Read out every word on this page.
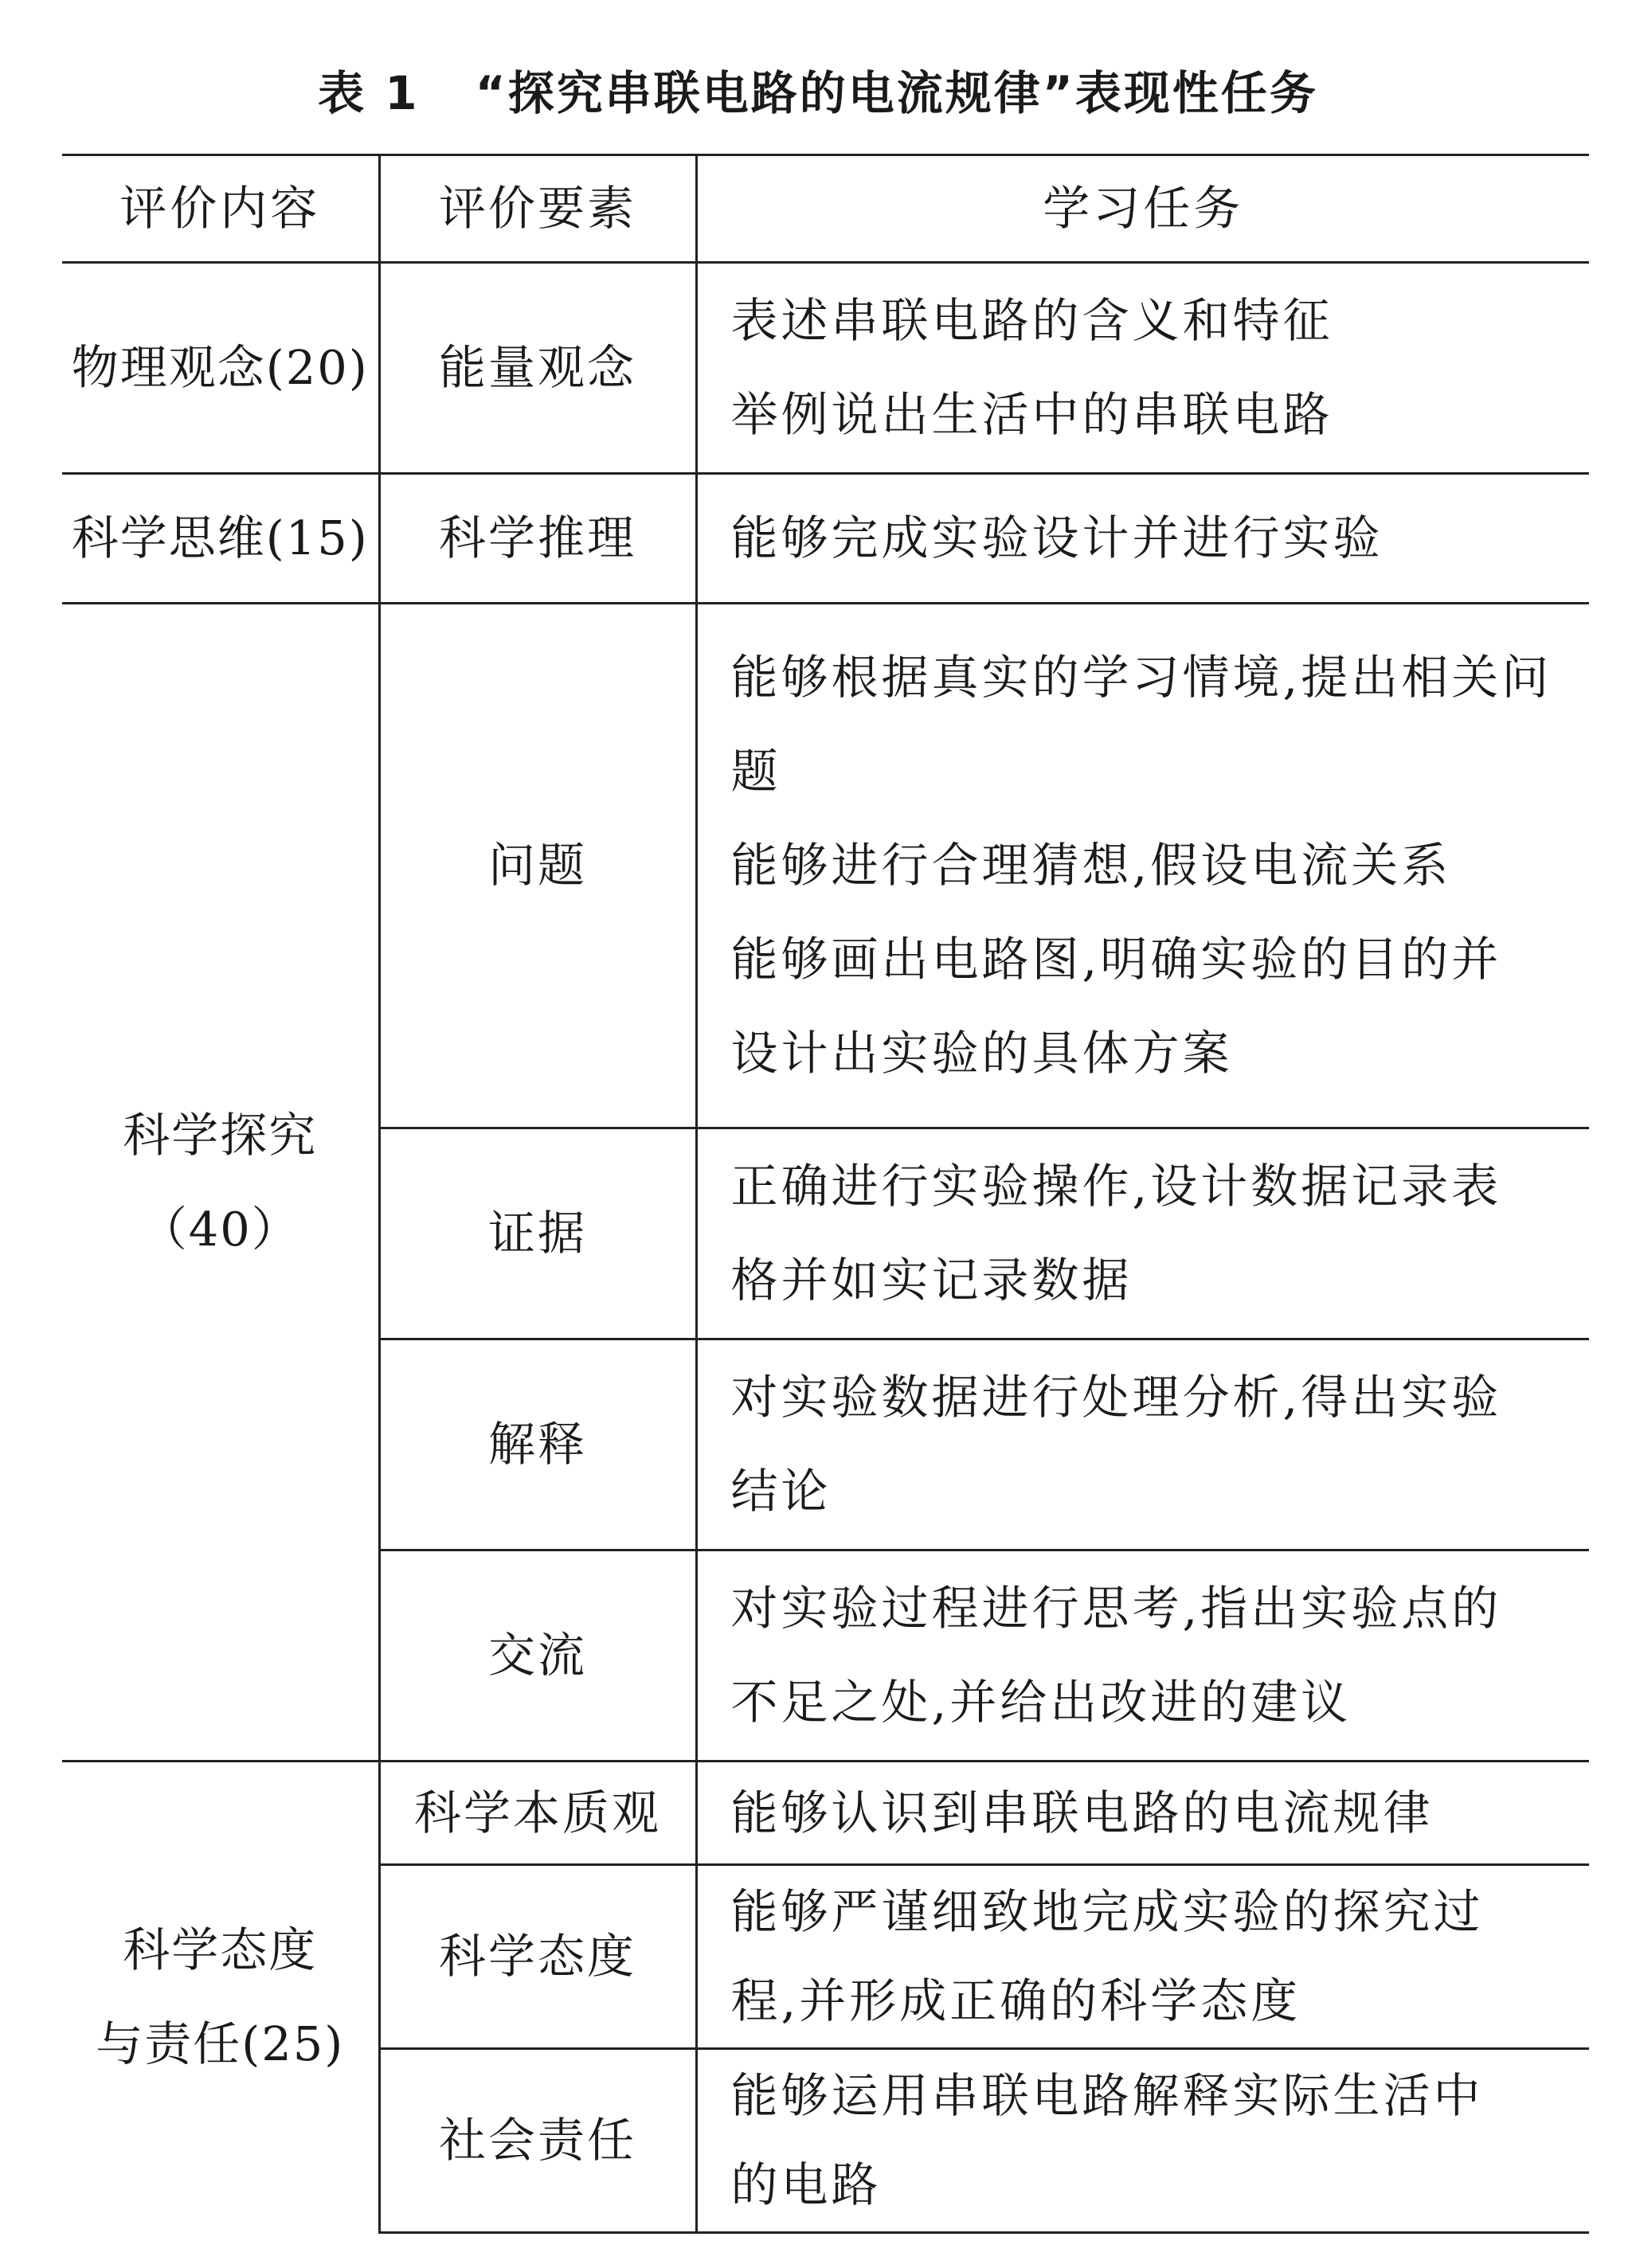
表 1 “探究串联电路的电流规律”表现性任务
评价内容	评价要素	学习任务

物理观念(20)	能量观念	表述串联电路的含义和特征
举例说出生活中的串联电路

科学思维(15)	科学推理	能够完成实验设计并进行实验

科学探究
（40）	问题	能够根据真实的学习情境,提出相关问
题
能够进行合理猜想,假设电流关系
能够画出电路图,明确实验的目的并
设计出实验的具体方案

	证据	正确进行实验操作,设计数据记录表
格并如实记录数据

	解释	对实验数据进行处理分析,得出实验
结论

	交流	对实验过程进行思考,指出实验点的
不足之处,并给出改进的建议

科学态度
与责任(25)	科学本质观	能够认识到串联电路的电流规律

	科学态度	能够严谨细致地完成实验的探究过
程,并形成正确的科学态度

	社会责任	能够运用串联电路解释实际生活中
的电路
